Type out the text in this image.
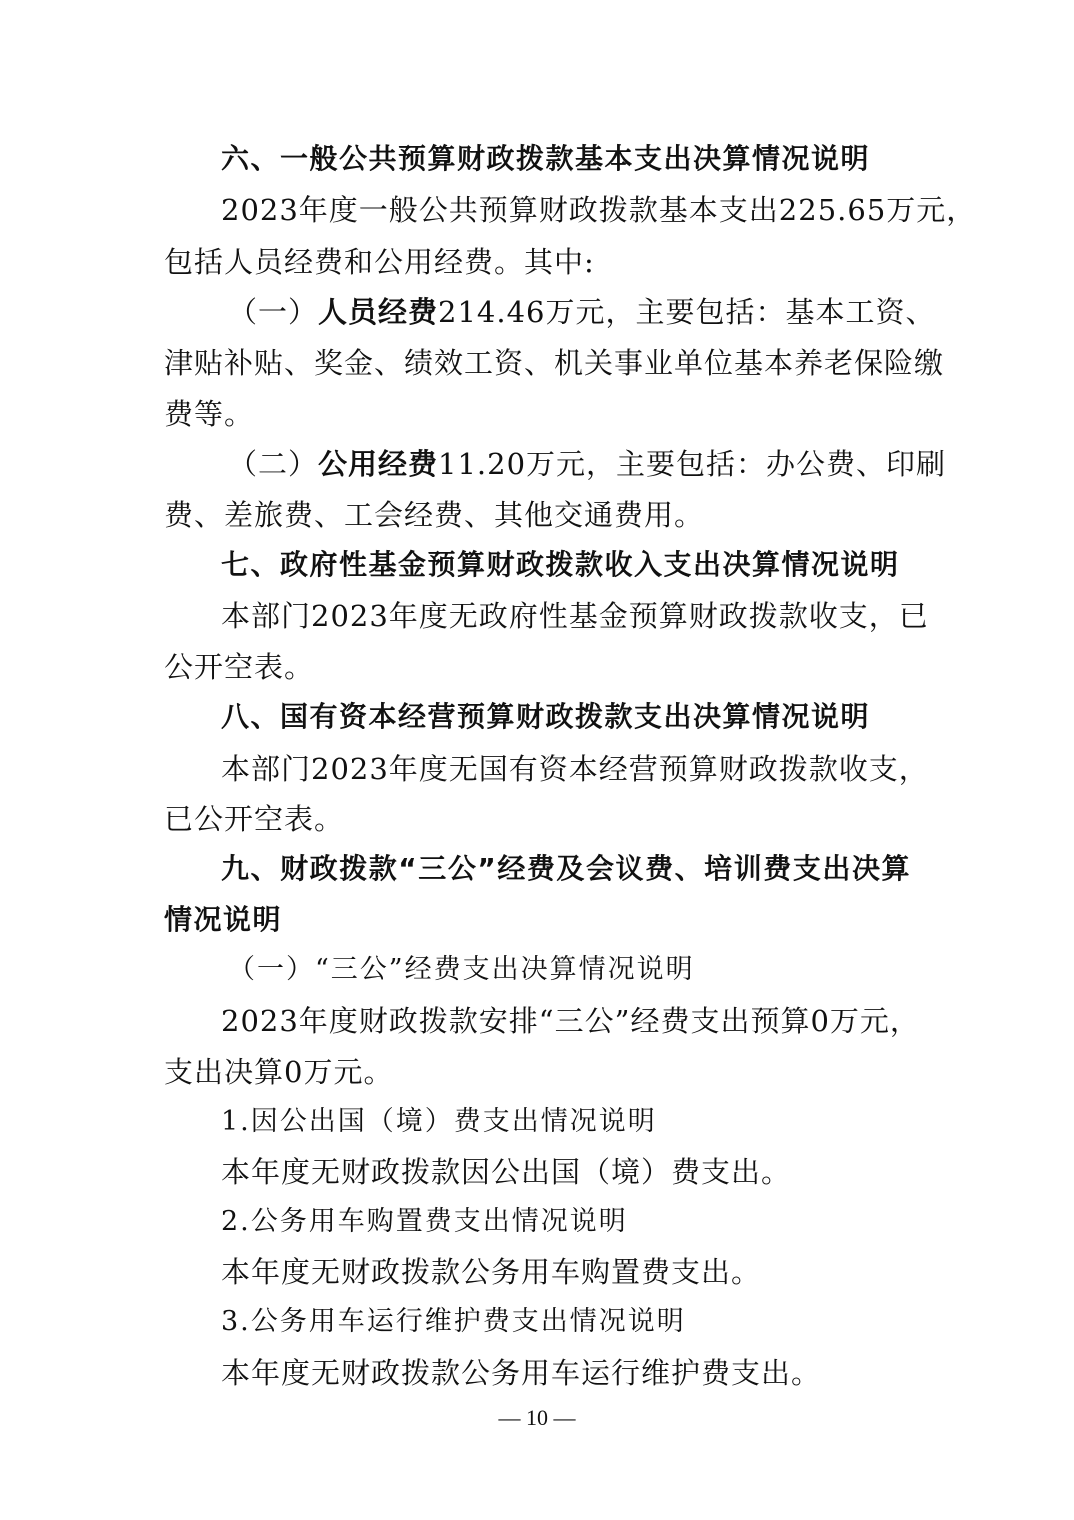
六、一般公共预算财政拨款基本支出决算情况说明
2023年度一般公共预算财政拨款基本支出225.65万元，
包括人员经费和公用经费。其中:
（一）人员经费214.46万元，主要包括：基本工资、
津贴补贴、奖金、绩效工资、机关事业单位基本养老保险缴
费等。
（二）公用经费11.20万元，主要包括：办公费、印刷
费、差旅费、工会经费、其他交通费用。
七、政府性基金预算财政拨款收入支出决算情况说明
本部门2023年度无政府性基金预算财政拨款收支，已
公开空表。
八、国有资本经营预算财政拨款支出决算情况说明
本部门2023年度无国有资本经营预算财政拨款收支，
已公开空表。
九、财政拨款“三公”经费及会议费、培训费支出决算
情况说明
（一）“三公”经费支出决算情况说明
2023年度财政拨款安排“三公”经费支出预算0万元，
支出决算0万元。
1.因公出国（境）费支出情况说明
本年度无财政拨款因公出国（境）费支出。
2.公务用车购置费支出情况说明
本年度无财政拨款公务用车购置费支出。
3.公务用车运行维护费支出情况说明
本年度无财政拨款公务用车运行维护费支出。
— 10 —
